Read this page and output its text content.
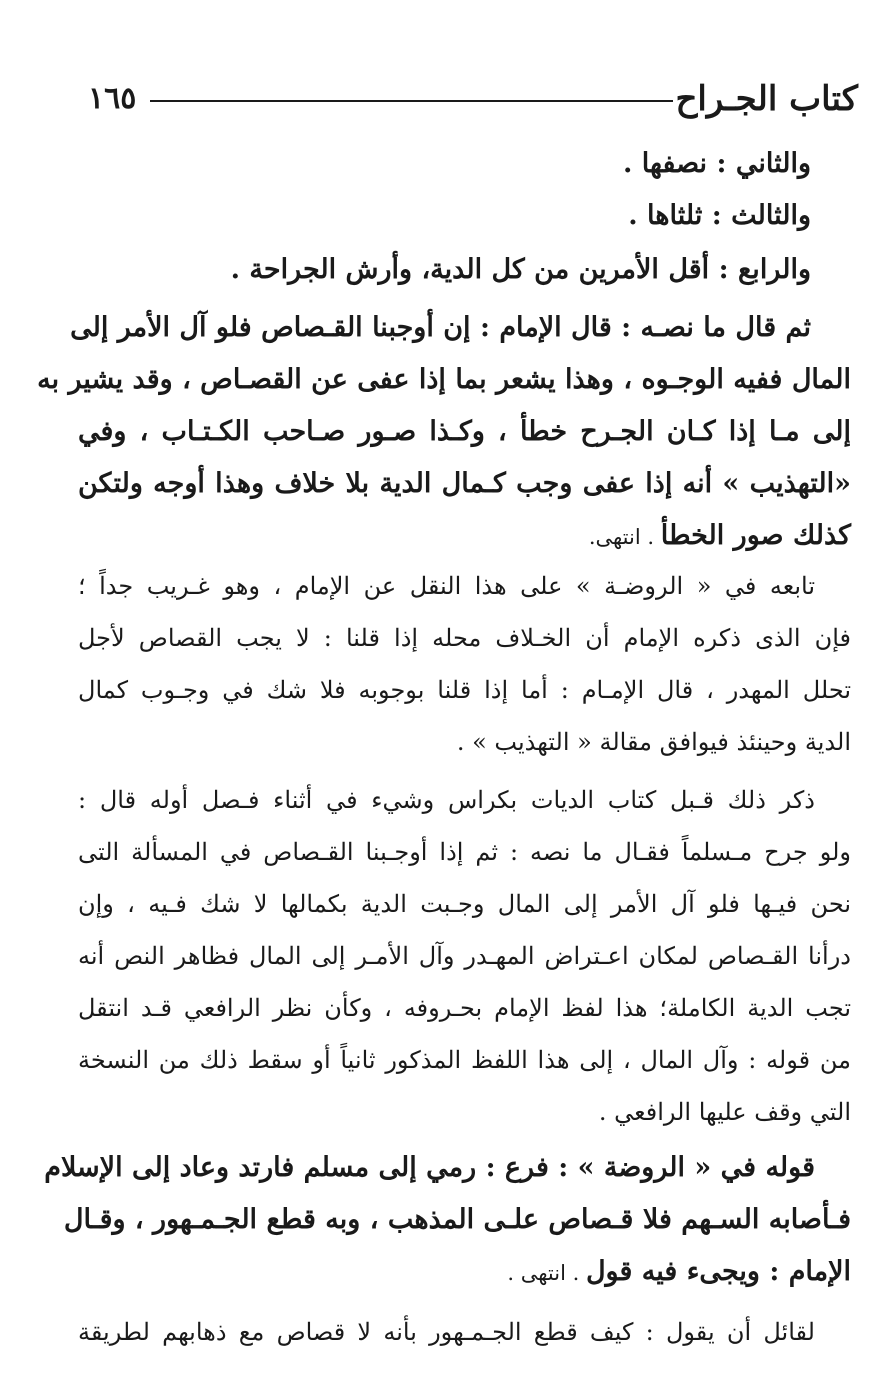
كتاب الجـراح
١٦٥
والثاني : نصفها .
والثالث : ثلثاها .
والرابع : أقل الأمرين من كل الدية، وأرش الجراحة .
ثم قال ما نصـه : قال الإمام : إن أوجبنا القـصاص فلو آل الأمر إلى
المال ففيه الوجـوه ، وهذا يشعر بما إذا عفى عن القصـاص ، وقد يشير به
إلى مـا إذا كـان الجـرح خطأ ، وكـذا صـور صـاحب الكـتـاب ، وفي
«التهذيب » أنه إذا عفى وجب كـمال الدية بلا خلاف وهذا أوجه ولتكن
كذلك صور الخطأ . انتهى.
تابعه في « الروضـة » على هذا النقل عن الإمام ، وهو غـريب جداً ؛
فإن الذى ذكره الإمام أن الخـلاف محله إذا قلنا : لا يجب القصاص لأجل
تحلل المهدر ، قال الإمـام : أما إذا قلنا بوجوبه فلا شك في وجـوب كمال
الدية وحينئذ فيوافق مقالة « التهذيب » .
ذكر ذلك قـبل كتاب الديات بكراس وشيء في أثناء فـصل أوله قال :
ولو جرح مـسلماً فقـال ما نصه : ثم إذا أوجـبنا القـصاص في المسألة التى
نحن فيـها فلو آل الأمر إلى المال وجـبت الدية بكمالها لا شك فـيه ، وإن
درأنا القـصاص لمكان اعـتراض المهـدر وآل الأمـر إلى المال فظاهر النص أنه
تجب الدية الكاملة؛ هذا لفظ الإمام بحـروفه ، وكأن نظر الرافعي قـد انتقل
من قوله : وآل المال ، إلى هذا اللفظ المذكور ثانياً أو سقط ذلك من النسخة
التي وقف عليها الرافعي .
قوله في « الروضة » : فرع : رمي إلى مسلم فارتد وعاد إلى الإسلام
فـأصابه السـهم فلا قـصاص علـى المذهب ، وبه قطع الجـمـهور ، وقـال
الإمام : ويجىء فيه قول . انتهى .
لقائل أن يقول : كيف قطع الجـمـهور بأنه لا قصاص مع ذهابهم لطريقة
